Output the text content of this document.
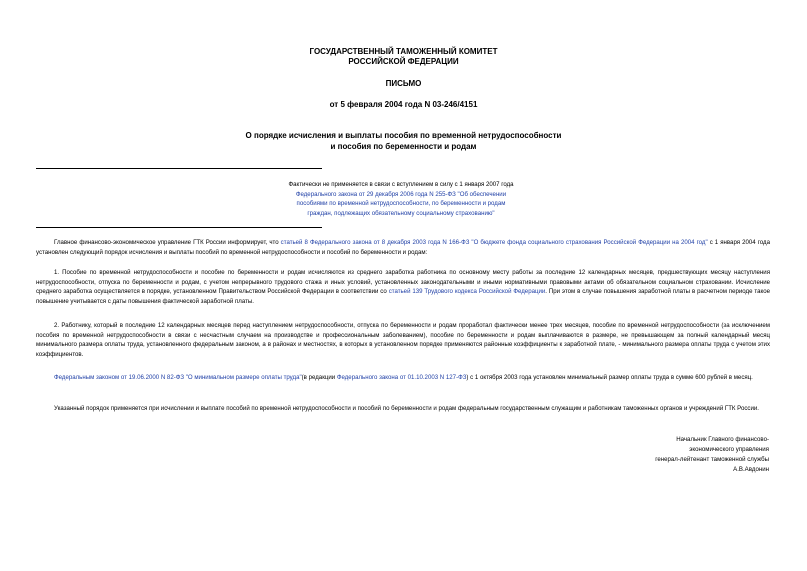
ГОСУДАРСТВЕННЫЙ ТАМОЖЕННЫЙ КОМИТЕТ
РОССИЙСКОЙ ФЕДЕРАЦИИ
ПИСЬМО
от 5 февраля 2004 года N 03-246/4151
О порядке исчисления и выплаты пособия по временной нетрудоспособности
и пособия по беременности и родам
Фактически не применяется в связи с вступлением в силу с 1 января 2007 года
Федерального закона от 29 декабря 2006 года N 255-ФЗ "Об обеспечении
пособиями по временной нетрудоспособности, по беременности и родам
граждан, подлежащих обязательному социальному страхованию"
Главное финансово-экономическое управление ГТК России информирует, что статьей 8 Федерального закона от 8 декабря 2003 года N 166-ФЗ "О бюджете фонда социального страхования Российской Федерации на 2004 год" с 1 января 2004 года установлен следующий порядок исчисления и выплаты пособий по временной нетрудоспособности и пособий по беременности и родам:
1. Пособие по временной нетрудоспособности и пособие по беременности и родам исчисляются из среднего заработка работника по основному месту работы за последние 12 календарных месяцев, предшествующих месяцу наступления нетрудоспособности, отпуска по беременности и родам, с учетом непрерывного трудового стажа и иных условий, установленных законодательными и иными нормативными правовыми актами об обязательном социальном страховании. Исчисление среднего заработка осуществляется в порядке, установленном Правительством Российской Федерации в соответствии со статьей 139 Трудового кодекса Российской Федерации. При этом в случае повышения заработной платы в расчетном периоде такое повышение учитывается с даты повышения фактической заработной платы.
2. Работнику, который в последние 12 календарных месяцев перед наступлением нетрудоспособности, отпуска по беременности и родам проработал фактически менее трех месяцев, пособие по временной нетрудоспособности (за исключением пособия по временной нетрудоспособности в связи с несчастным случаем на производстве и профессиональным заболеванием), пособие по беременности и родам выплачиваются в размере, не превышающем за полный календарный месяц минимального размера оплаты труда, установленного федеральным законом, а в районах и местностях, в которых в установленном порядке применяются районные коэффициенты к заработной плате, - минимального размера оплаты труда с учетом этих коэффициентов.
Федеральным законом от 19.06.2000 N 82-ФЗ "О минимальном размере оплаты труда"(в редакции Федерального закона от 01.10.2003 N 127-ФЗ) с 1 октября 2003 года установлен минимальный размер оплаты труда в сумме 600 рублей в месяц.
Указанный порядок применяется при исчислении и выплате пособий по временной нетрудоспособности и пособий по беременности и родам федеральным государственным служащим и работникам таможенных органов и учреждений ГТК России.
Начальник Главного финансово-
экономического управления
генерал-лейтенант таможенной службы
А.В.Авдонин
